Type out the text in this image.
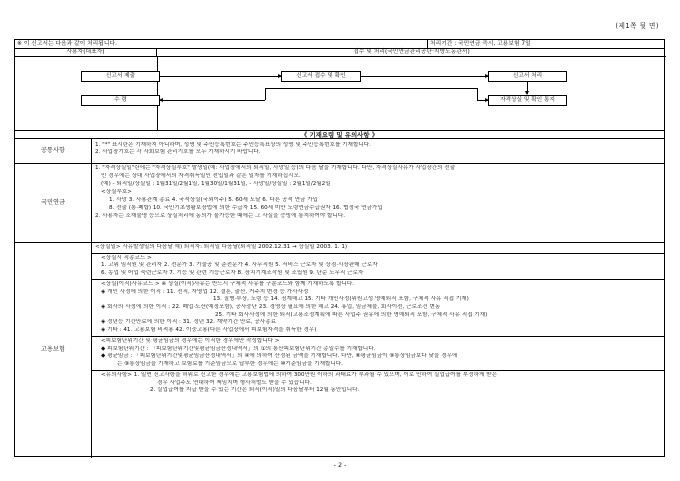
(제1쪽 뒷 면)
※ 이 신고서는 다음과 같이 처리됩니다.	처리기간 : 국민연금 즉시, 고용보험 7일
사용자(대표자)	접수 및 처리(국민연금관리공단·지방노동관서)
신고서 제출	신고서 접수 및 확인	신고서 처리
자격상실 및 확인 통지
수 령
《 기재요령 및 유의사항 》
공통사항

1. "*" 표시란은 기재하지 아니하며, 성명 및 주민등록번호는 주민등록표상의 성명 및 주민등록번호를 기재합니다.

2. 사업장기호는 각 사회보험 관리기호를 모두 기재하시기 바랍니다.

국민연금

1. "자격상실일"란에는 "자격상실부호" 발생일(예: 사업장에서의 퇴직일, 사망일 등)의 다음 날을 기재합니다. 다만, 자격상실사유가 사업장간의 전출

인 경우에는 상대 사업장에서의 자격취득일인 전입일과 같은 일자를 기재하십시오.

(예) - 퇴직일/상실일 : 1월31일/2월1일, 1월30일/1월31일, - 사망일/상실일 : 2월1일/2월2일

<상실부호>

1. 사망 3. 사용관계 종료 4. 국적상실(국외이주) 5. 60세 도달 6. 다른 공적 연금 가입

8. 전출 (통·폐합) 10. 국민기초생활보장법에 의한 수급자 15. 60세 미만 노령연금수급권자 16. 협정국 연금가입

2. 사용자는 소재불명 등으로 상실처리에 동의가 불가능한 때에는 그 사실을 증빙에 통지하여야 합니다.

고용보험

<상실일> 사유발생일의 다음날 예) 퇴직자: 퇴직일 다음날(퇴직일 2002.12.31 → 상실일 2003. 1. 1)

<상실시 직종코드 >

1. 고위 임직원 및 관리자 2. 전문가 3. 기술공 및 준전문가 4. 사무직원 5. 서비스 근로자 및 상점·시장판매 근로자

6. 농업 및 어업 숙련근로자 7. 기능 및 관련 기능근로자 8. 장치기계조작원 및 조립원 9. 단순 노무직 근로자

<상실(이직)사유코드 > ※ 상실(이직)사유는 반드시 구체적 사유를 구분코드와 함께 기재하도록 합니다.

◈ 개인 사정에 의한 이직 : 11. 전직, 자영업 12. 결혼, 출산, 거주지 변경 등 가사사정

13. 질병·부상, 노령 등 14. 징계해고 15. 기타 개인사정(위원고성 명예퇴직 포함, 구체적 사유 직접 기재)

◈ 회사의 사정에 의한 이직 : 22. 폐업·도산(예정포함), 공사중단 23. 경영상 필요에 의한 해고 24. 휴업, 임금체불, 회사이전, 근로조건 변동

25. 기타 회사사정에 의한 퇴직(고용조정계획에 따른 사업주 권유에 의한 명예퇴직 포함, 구체적 사유 직접 기재)

◈ 정년등 기간만료에 의한 이직 : 31. 정년 32. 계약기간 만료, 공사종료

◈ 기타 : 41. 고용보험 비적용 42. 이중고용(다른 사업장에서 피보험자격을 취득한 경우)

<피보험단위기간 및 평균임금의 경우에는 이직한 경우에만 작성합니다 >

◆ 피보험단위기간 : 「피보험단위기간및평균임금산정내역서」의 ①의 통산피보험단위기간 총일수를 기재합니다.

◆ 평균임금 : 「피보험단위기간및평균임금산정내역서」의 ④에 의하여 산정된 금액을 기재합니다. 다만, ⑧평균임금이 ⑨통상임금보다 낮을 경우에

는 ⑨통상임금을 기재하고 보험료를 기준임금으로 납부한 경우에는 ⑩기준임금을 기재합니다.

<유의사항> 1. 일면 신고사항을 허위로 신고한 경우에는 고용보험법에 의하여 300만원 이하의 과태료가 부과될 수 있으며, 이로 인하여 실업급여를 부정하게 받은

경우 사업주도 연대하여 책임지며 형사처벌도 받을 수 있습니다.

2. 실업급여를 지급 받을 수 있는 기간은 퇴직(이직)일의 다음날부터 12월 동안입니다.

- 2 -
